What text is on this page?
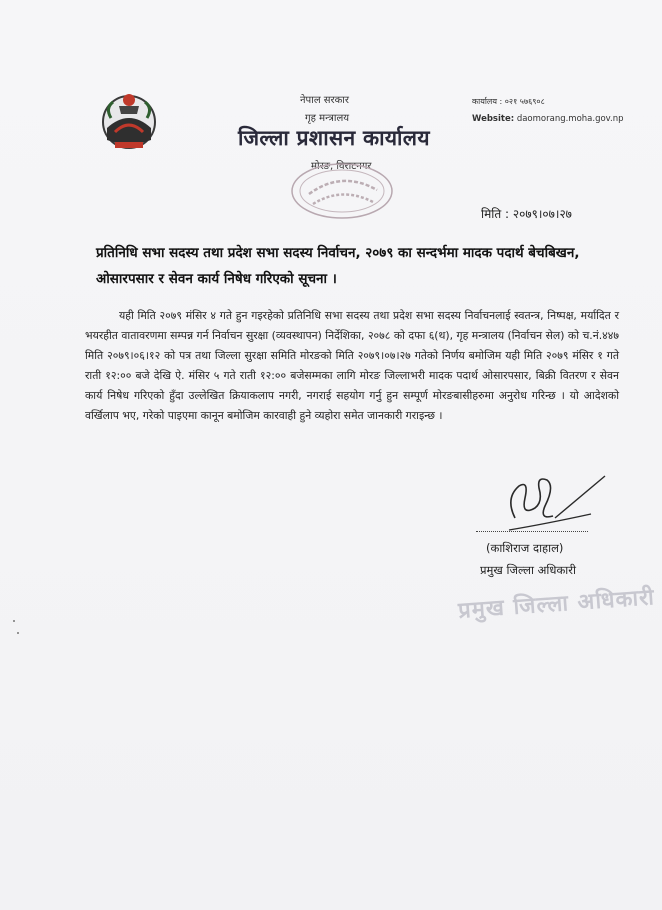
नेपाल सरकार
गृह मन्त्रालय
जिल्ला प्रशासन कार्यालय
मोरङ, विराटनगर
कार्यालय : ०२१ ५७६९०८
Website: daomorang.moha.gov.np
मिति : २०७९।०७।२७
प्रतिनिधि सभा सदस्य तथा प्रदेश सभा सदस्य निर्वाचन, २०७९ का सन्दर्भमा मादक पदार्थ बेचबिखन, ओसारपसार र सेवन कार्य निषेध गरिएको सूचना ।
यही मिति २०७९ मंसिर ४ गते हुन गइरहेको प्रतिनिधि सभा सदस्य तथा प्रदेश सभा सदस्य निर्वाचनलाई स्वतन्त्र, निष्पक्ष, मर्यादित र भयरहीत वातावरणमा सम्पन्न गर्न निर्वाचन सुरक्षा (व्यवस्थापन) निर्देशिका, २०७८ को दफा ६(थ), गृह मन्त्रालय (निर्वाचन सेल) को च.नं.४४७ मिति २०७९।०६।१२ को पत्र तथा जिल्ला सुरक्षा समिति मोरङको मिति २०७९।०७।२७ गतेको निर्णय बमोजिम यही मिति २०७९ मंसिर १ गते राती १२:०० बजे देखि ऐ. मंसिर ५ गते राती १२:०० बजेसम्मका लागि मोरङ जिल्लाभरी मादक पदार्थ ओसारपसार, बिक्री वितरण र सेवन कार्य निषेध गरिएको हुँदा उल्लेखित क्रियाकलाप नगरी, नगराई सहयोग गर्नु हुन सम्पूर्ण मोरङबासीहरुमा अनुरोध गरिन्छ । यो आदेशको वर्खिलाप भए, गरेको पाइएमा कानून बमोजिम कारवाही हुने व्यहोरा समेत जानकारी गराइन्छ ।
(काशिराज दाहाल)
प्रमुख जिल्ला अधिकारी
प्रमुख जिल्ला अधिकारी
